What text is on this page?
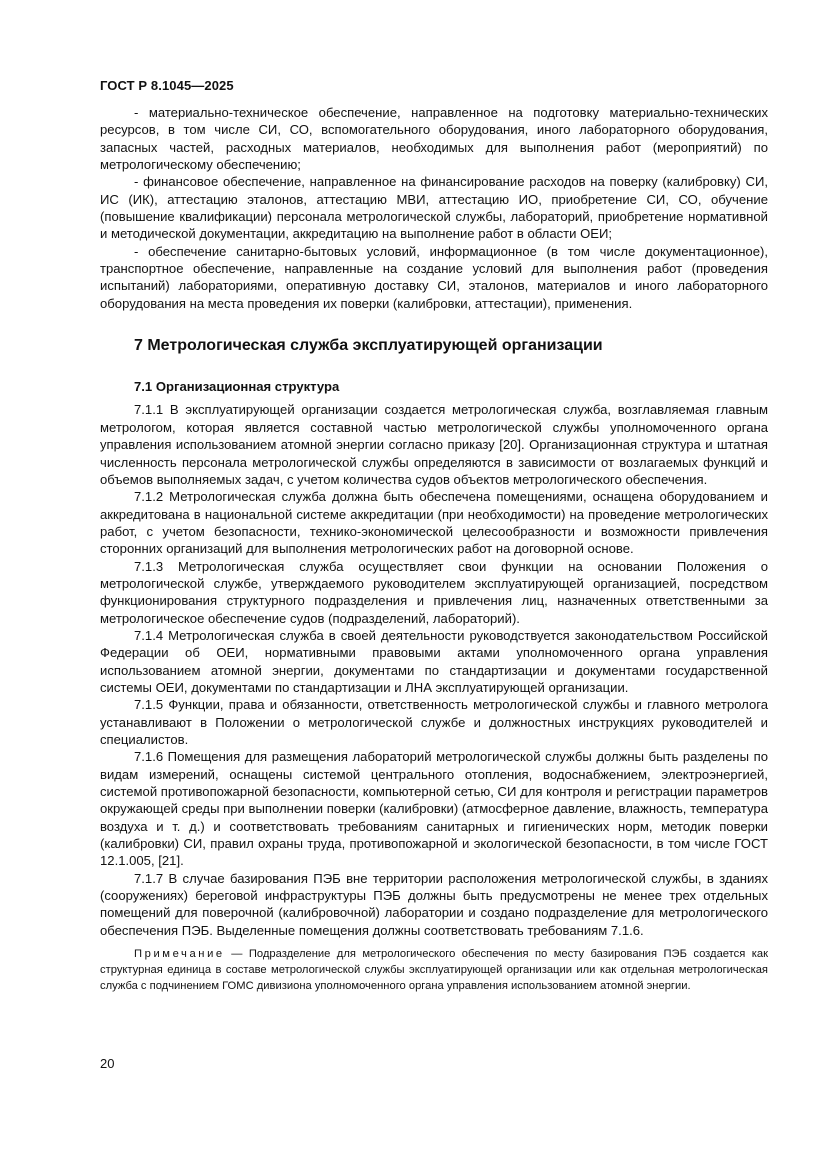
ГОСТ Р 8.1045—2025

- материально-техническое обеспечение, направленное на подготовку материально-технических ресурсов, в том числе СИ, СО, вспомогательного оборудования, иного лабораторного оборудования, запасных частей, расходных материалов, необходимых для выполнения работ (мероприятий) по метрологическому обеспечению;

- финансовое обеспечение, направленное на финансирование расходов на поверку (калибровку) СИ, ИС (ИК), аттестацию эталонов, аттестацию МВИ, аттестацию ИО, приобретение СИ, СО, обучение (повышение квалификации) персонала метрологической службы, лабораторий, приобретение нормативной и методической документации, аккредитацию на выполнение работ в области ОЕИ;

- обеспечение санитарно-бытовых условий, информационное (в том числе документационное), транспортное обеспечение, направленные на создание условий для выполнения работ (проведения испытаний) лабораториями, оперативную доставку СИ, эталонов, материалов и иного лабораторного оборудования на места проведения их поверки (калибровки, аттестации), применения.

7 Метрологическая служба эксплуатирующей организации
7.1 Организационная структура

7.1.1 В эксплуатирующей организации создается метрологическая служба, возглавляемая главным метрологом, которая является составной частью метрологической службы уполномоченного органа управления использованием атомной энергии согласно приказу [20]. Организационная структура и штатная численность персонала метрологической службы определяются в зависимости от возлагаемых функций и объемов выполняемых задач, с учетом количества судов объектов метрологического обеспечения.

7.1.2 Метрологическая служба должна быть обеспечена помещениями, оснащена оборудованием и аккредитована в национальной системе аккредитации (при необходимости) на проведение метрологических работ, с учетом безопасности, технико-экономической целесообразности и возможности привлечения сторонних организаций для выполнения метрологических работ на договорной основе.

7.1.3 Метрологическая служба осуществляет свои функции на основании Положения о метрологической службе, утверждаемого руководителем эксплуатирующей организацией, посредством функционирования структурного подразделения и привлечения лиц, назначенных ответственными за метрологическое обеспечение судов (подразделений, лабораторий).

7.1.4 Метрологическая служба в своей деятельности руководствуется законодательством Российской Федерации об ОЕИ, нормативными правовыми актами уполномоченного органа управления использованием атомной энергии, документами по стандартизации и документами государственной системы ОЕИ, документами по стандартизации и ЛНА эксплуатирующей организации.

7.1.5 Функции, права и обязанности, ответственность метрологической службы и главного метролога устанавливают в Положении о метрологической службе и должностных инструкциях руководителей и специалистов.

7.1.6 Помещения для размещения лабораторий метрологической службы должны быть разделены по видам измерений, оснащены системой центрального отопления, водоснабжением, электроэнергией, системой противопожарной безопасности, компьютерной сетью, СИ для контроля и регистрации параметров окружающей среды при выполнении поверки (калибровки) (атмосферное давление, влажность, температура воздуха и т. д.) и соответствовать требованиям санитарных и гигиенических норм, методик поверки (калибровки) СИ, правил охраны труда, противопожарной и экологической безопасности, в том числе ГОСТ 12.1.005, [21].

7.1.7 В случае базирования ПЭБ вне территории расположения метрологической службы, в зданиях (сооружениях) береговой инфраструктуры ПЭБ должны быть предусмотрены не менее трех отдельных помещений для поверочной (калибровочной) лаборатории и создано подразделение для метрологического обеспечения ПЭБ. Выделенные помещения должны соответствовать требованиям 7.1.6.

Примечание — Подразделение для метрологического обеспечения по месту базирования ПЭБ создается как структурная единица в составе метрологической службы эксплуатирующей организации или как отдельная метрологическая служба с подчинением ГОМС дивизиона уполномоченного органа управления использованием атомной энергии.
20
